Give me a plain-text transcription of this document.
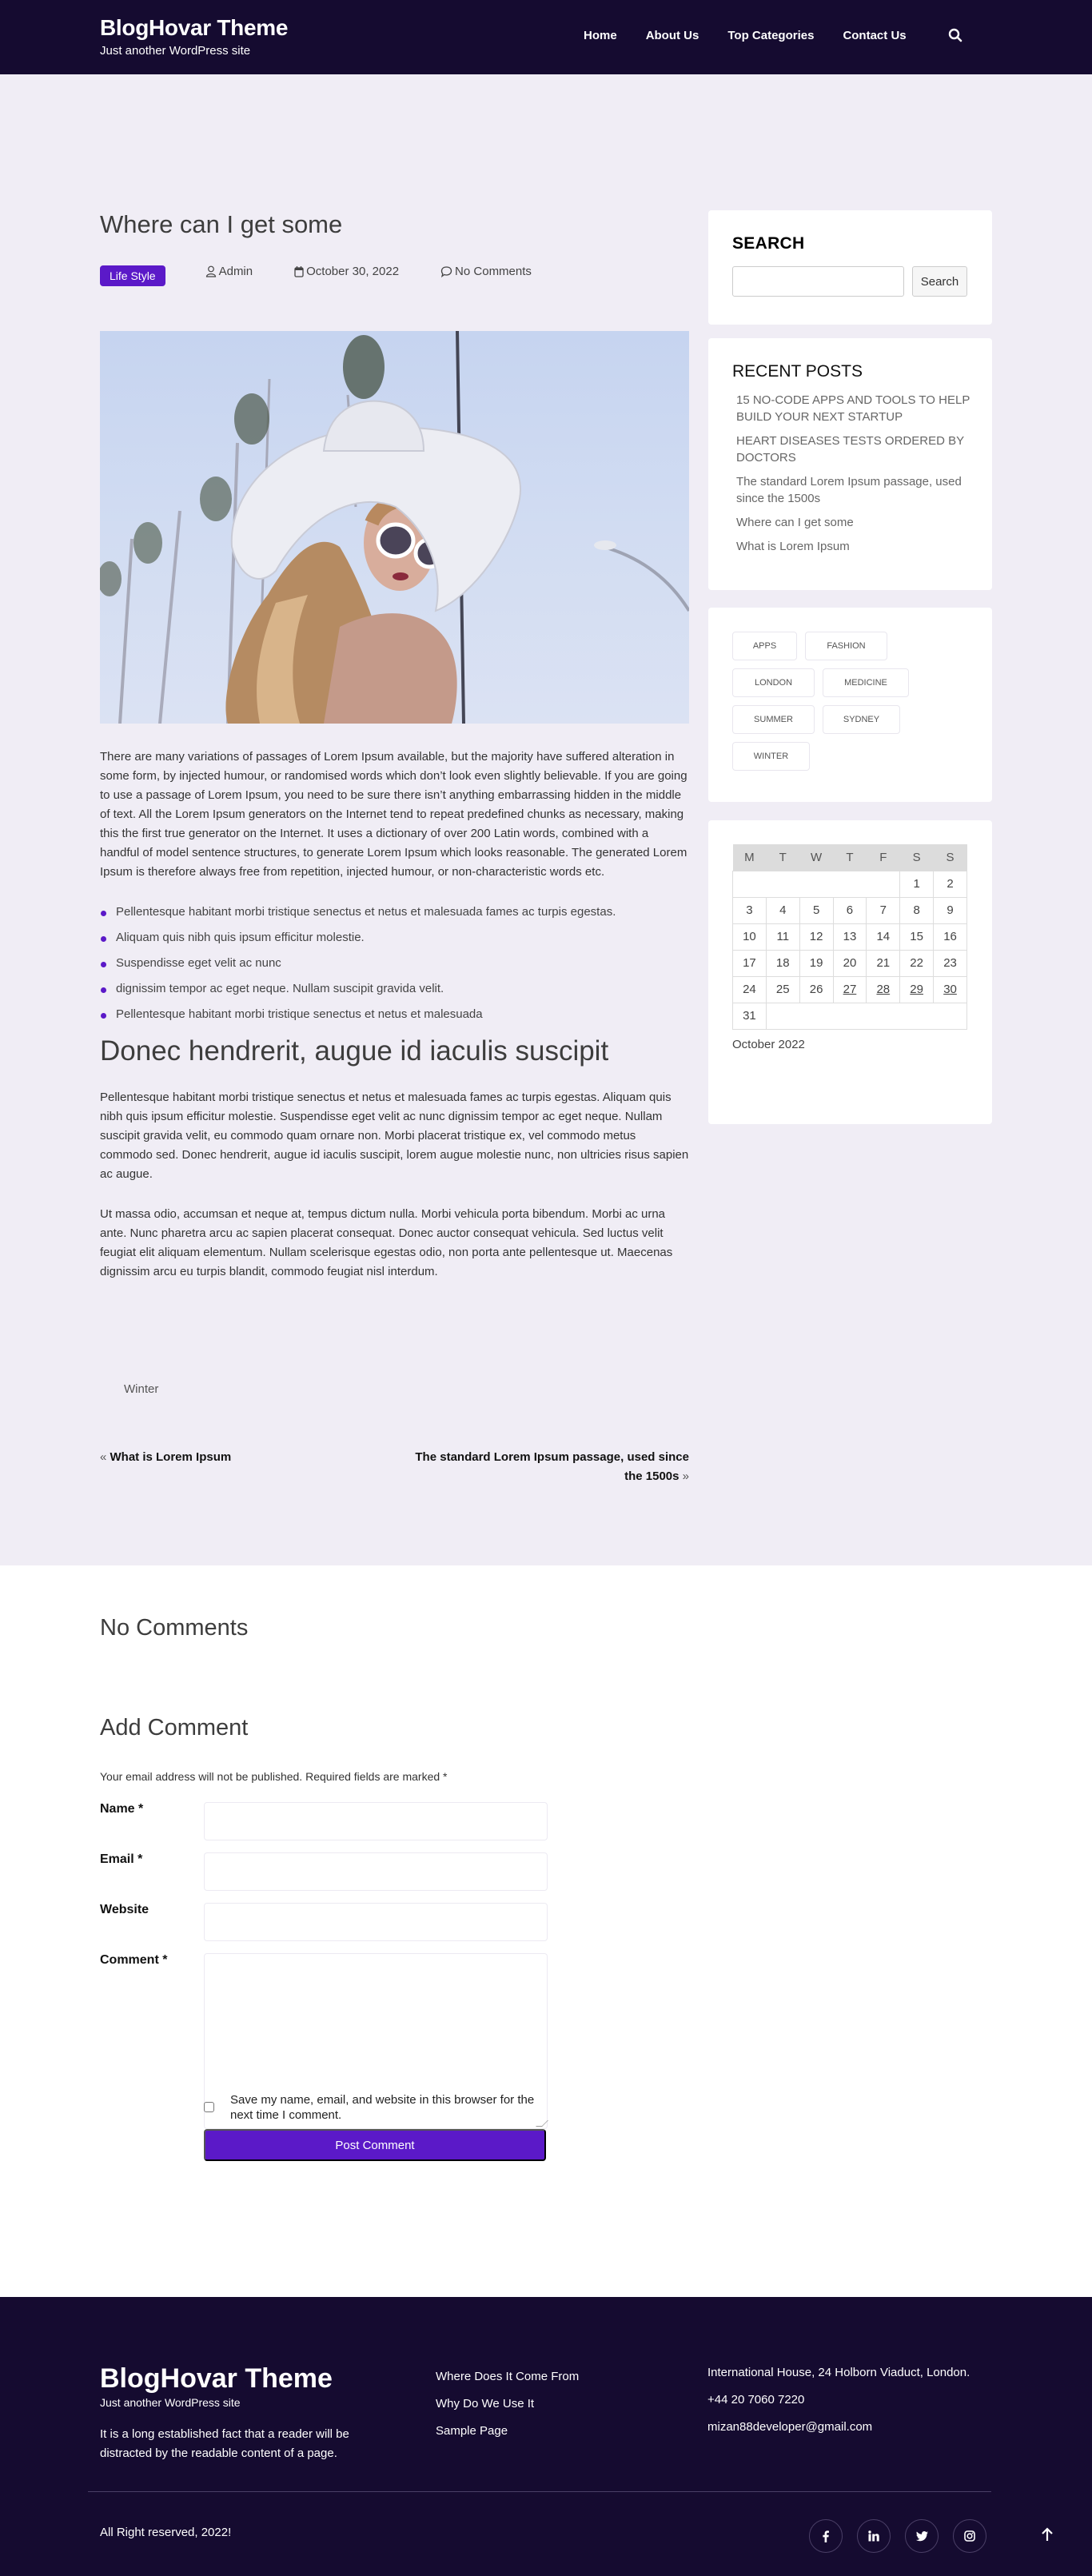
BlogHovar Theme
Just another WordPress site
Home About Us Top Categories Contact Us
Where can I get some
Life Style	Admin	October 30, 2022	No Comments

There are many variations of passages of Lorem Ipsum available, but the majority have suffered alteration in some form, by injected humour, or randomised words which don’t look even slightly believable. If you are going to use a passage of Lorem Ipsum, you need to be sure there isn’t anything embarrassing hidden in the middle of text. All the Lorem Ipsum generators on the Internet tend to repeat predefined chunks as necessary, making this the first true generator on the Internet. It uses a dictionary of over 200 Latin words, combined with a handful of model sentence structures, to generate Lorem Ipsum which looks reasonable. The generated Lorem Ipsum is therefore always free from repetition, injected humour, or non-characteristic words etc.

Pellentesque habitant morbi tristique senectus et netus et malesuada fames ac turpis egestas.
Aliquam quis nibh quis ipsum efficitur molestie.
Suspendisse eget velit ac nunc
dignissim tempor ac eget neque. Nullam suscipit gravida velit.
Pellentesque habitant morbi tristique senectus et netus et malesuada
Donec hendrerit, augue id iaculis suscipit

Pellentesque habitant morbi tristique senectus et netus et malesuada fames ac turpis egestas. Aliquam quis nibh quis ipsum efficitur molestie. Suspendisse eget velit ac nunc dignissim tempor ac eget neque. Nullam suscipit gravida velit, eu commodo quam ornare non. Morbi placerat tristique ex, vel commodo metus commodo sed. Donec hendrerit, augue id iaculis suscipit, lorem augue molestie nunc, non ultricies risus sapien ac augue.

Ut massa odio, accumsan et neque at, tempus dictum nulla. Morbi vehicula porta bibendum. Morbi ac urna ante. Nunc pharetra arcu ac sapien placerat consequat. Donec auctor consequat vehicula. Sed luctus velit feugiat elit aliquam elementum. Nullam scelerisque egestas odio, non porta ante pellentesque ut. Maecenas dignissim arcu eu turpis blandit, commodo feugiat nisl interdum.

Winter
« What is Lorem Ipsum	The standard Lorem Ipsum passage, used since the 1500s »
SEARCH
Search
RECENT POSTS
15 NO-CODE APPS AND TOOLS TO HELP BUILD YOUR NEXT STARTUP
HEART DISEASES TESTS ORDERED BY DOCTORS
The standard Lorem Ipsum passage, used since the 1500s
Where can I get some
What is Lorem Ipsum
APPS	FASHION
LONDON	MEDICINE
SUMMER	SYDNEY
WINTER
M	T	W	T	F	S	S
					1	2
3	4	5	6	7	8	9
10	11	12	13	14	15	16
17	18	19	20	21	22	23
24	25	26	27	28	29	30
31						
October 2022
No Comments
Add Comment

Your email address will not be published. Required fields are marked *

Name *
Email *
Website
Comment *
Save my name, email, and website in this browser for the next time I comment.
Post Comment
BlogHovar Theme
Just another WordPress site

It is a long established fact that a reader will be distracted by the readable content of a page.

Where Does It Come From
Why Do We Use It
Sample Page
International House, 24 Holborn Viaduct, London.
+44 20 7060 7220
mizan88developer@gmail.com
All Right reserved, 2022!
